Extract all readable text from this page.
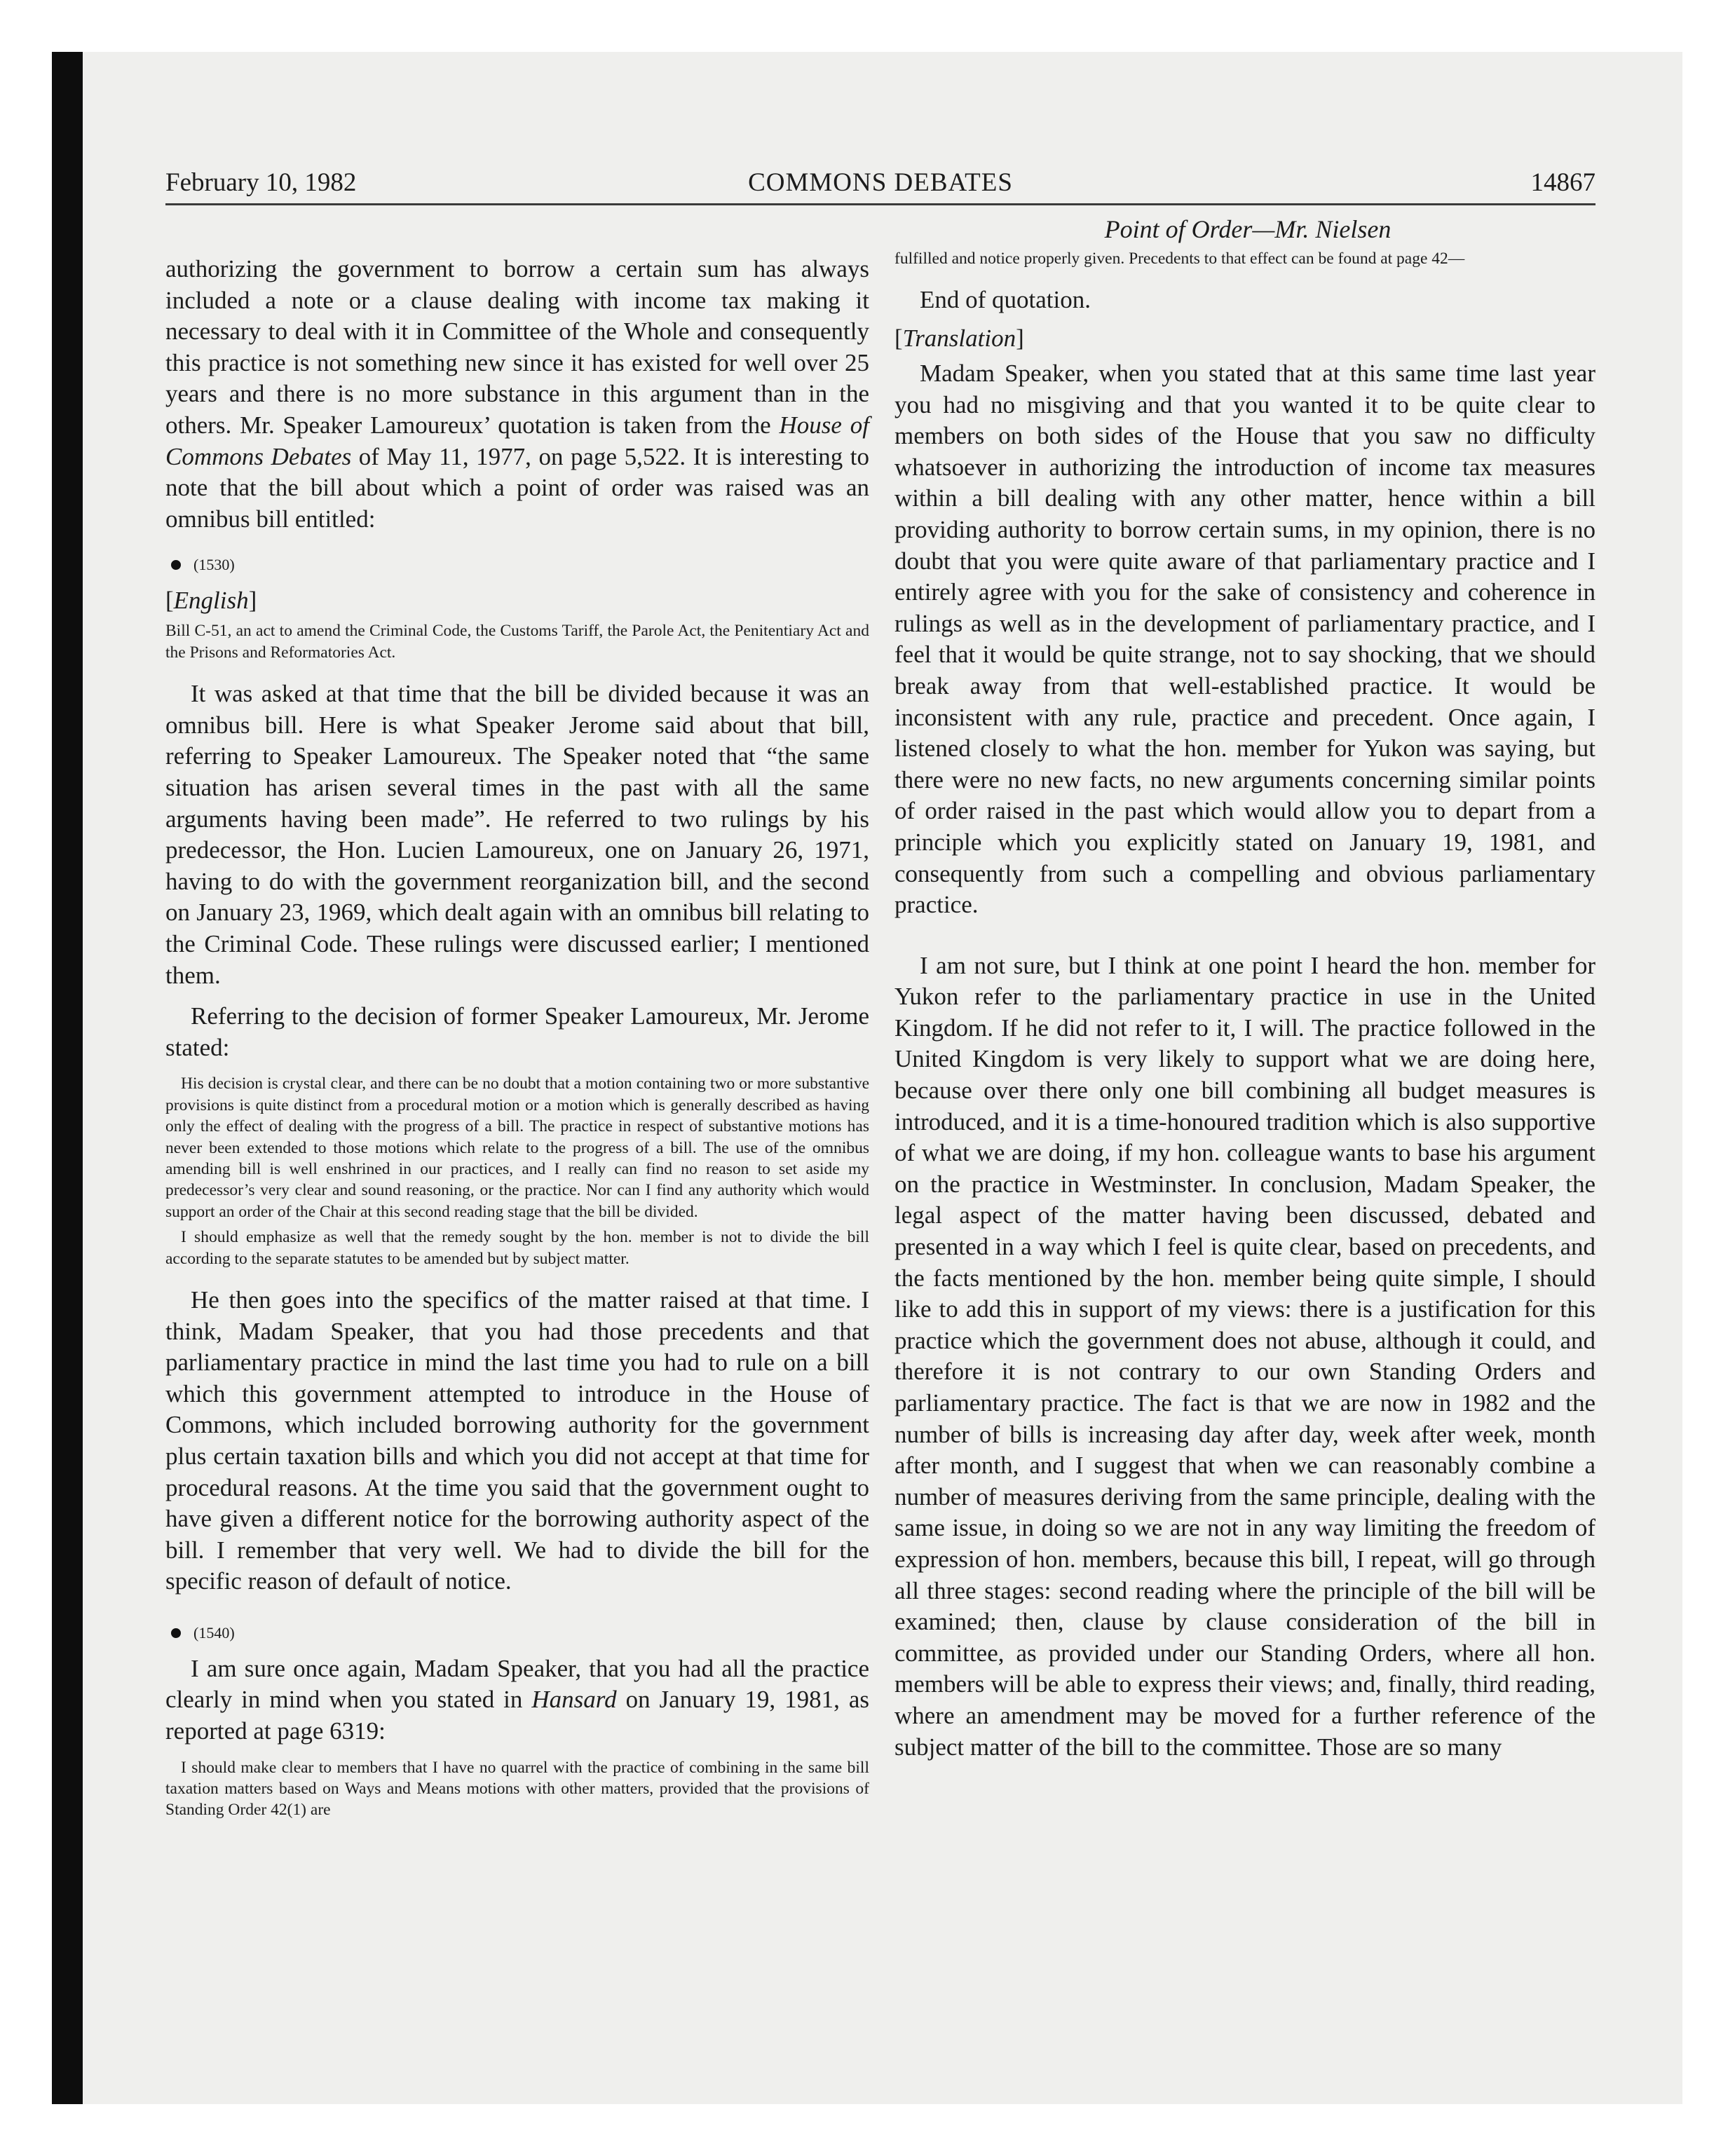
February 10, 1982	COMMONS DEBATES	14867
Point of Order—Mr. Nielsen

authorizing the government to borrow a certain sum has always included a note or a clause dealing with income tax making it necessary to deal with it in Committee of the Whole and consequently this practice is not something new since it has existed for well over 25 years and there is no more substance in this argument than in the others. Mr. Speaker Lamoureux’ quotation is taken from the House of Commons Debates of May 11, 1977, on page 5,522. It is interesting to note that the bill about which a point of order was raised was an omnibus bill entitled:

(1530)
[English]

Bill C-51, an act to amend the Criminal Code, the Customs Tariff, the Parole Act, the Penitentiary Act and the Prisons and Reformatories Act.

It was asked at that time that the bill be divided because it was an omnibus bill. Here is what Speaker Jerome said about that bill, referring to Speaker Lamoureux. The Speaker noted that “the same situation has arisen several times in the past with all the same arguments having been made”. He referred to two rulings by his predecessor, the Hon. Lucien Lamoureux, one on January 26, 1971, having to do with the government reorganization bill, and the second on January 23, 1969, which dealt again with an omnibus bill relating to the Criminal Code. These rulings were discussed earlier; I mentioned them.

Referring to the decision of former Speaker Lamoureux, Mr. Jerome stated:

His decision is crystal clear, and there can be no doubt that a motion containing two or more substantive provisions is quite distinct from a procedural motion or a motion which is generally described as having only the effect of dealing with the progress of a bill. The practice in respect of substantive motions has never been extended to those motions which relate to the progress of a bill. The use of the omnibus amending bill is well enshrined in our practices, and I really can find no reason to set aside my predecessor’s very clear and sound reasoning, or the practice. Nor can I find any authority which would support an order of the Chair at this second reading stage that the bill be divided.

I should emphasize as well that the remedy sought by the hon. member is not to divide the bill according to the separate statutes to be amended but by subject matter.

He then goes into the specifics of the matter raised at that time. I think, Madam Speaker, that you had those precedents and that parliamentary practice in mind the last time you had to rule on a bill which this government attempted to introduce in the House of Commons, which included borrowing authority for the government plus certain taxation bills and which you did not accept at that time for procedural reasons. At the time you said that the government ought to have given a different notice for the borrowing authority aspect of the bill. I remember that very well. We had to divide the bill for the specific reason of default of notice.

(1540)

I am sure once again, Madam Speaker, that you had all the practice clearly in mind when you stated in Hansard on January 19, 1981, as reported at page 6319:

I should make clear to members that I have no quarrel with the practice of combining in the same bill taxation matters based on Ways and Means motions with other matters, provided that the provisions of Standing Order 42(1) are

fulfilled and notice properly given. Precedents to that effect can be found at page 42—

End of quotation.

[Translation]

Madam Speaker, when you stated that at this same time last year you had no misgiving and that you wanted it to be quite clear to members on both sides of the House that you saw no difficulty whatsoever in authorizing the introduction of income tax measures within a bill dealing with any other matter, hence within a bill providing authority to borrow certain sums, in my opinion, there is no doubt that you were quite aware of that parliamentary practice and I entirely agree with you for the sake of consistency and coherence in rulings as well as in the development of parliamentary practice, and I feel that it would be quite strange, not to say shocking, that we should break away from that well-established practice. It would be inconsistent with any rule, practice and precedent. Once again, I listened closely to what the hon. member for Yukon was saying, but there were no new facts, no new arguments concerning similar points of order raised in the past which would allow you to depart from a principle which you explicitly stated on January 19, 1981, and consequently from such a compelling and obvious parliamentary practice.

I am not sure, but I think at one point I heard the hon. member for Yukon refer to the parliamentary practice in use in the United Kingdom. If he did not refer to it, I will. The practice followed in the United Kingdom is very likely to support what we are doing here, because over there only one bill combining all budget measures is introduced, and it is a time-honoured tradition which is also supportive of what we are doing, if my hon. colleague wants to base his argument on the practice in Westminster. In conclusion, Madam Speaker, the legal aspect of the matter having been discussed, debated and presented in a way which I feel is quite clear, based on precedents, and the facts mentioned by the hon. member being quite simple, I should like to add this in support of my views: there is a justification for this practice which the government does not abuse, although it could, and therefore it is not contrary to our own Standing Orders and parliamentary practice. The fact is that we are now in 1982 and the number of bills is increasing day after day, week after week, month after month, and I suggest that when we can reasonably combine a number of measures deriving from the same principle, dealing with the same issue, in doing so we are not in any way limiting the freedom of expression of hon. members, because this bill, I repeat, will go through all three stages: second reading where the principle of the bill will be examined; then, clause by clause consideration of the bill in committee, as provided under our Standing Orders, where all hon. members will be able to express their views; and, finally, third reading, where an amendment may be moved for a further reference of the subject matter of the bill to the committee. Those are so many
